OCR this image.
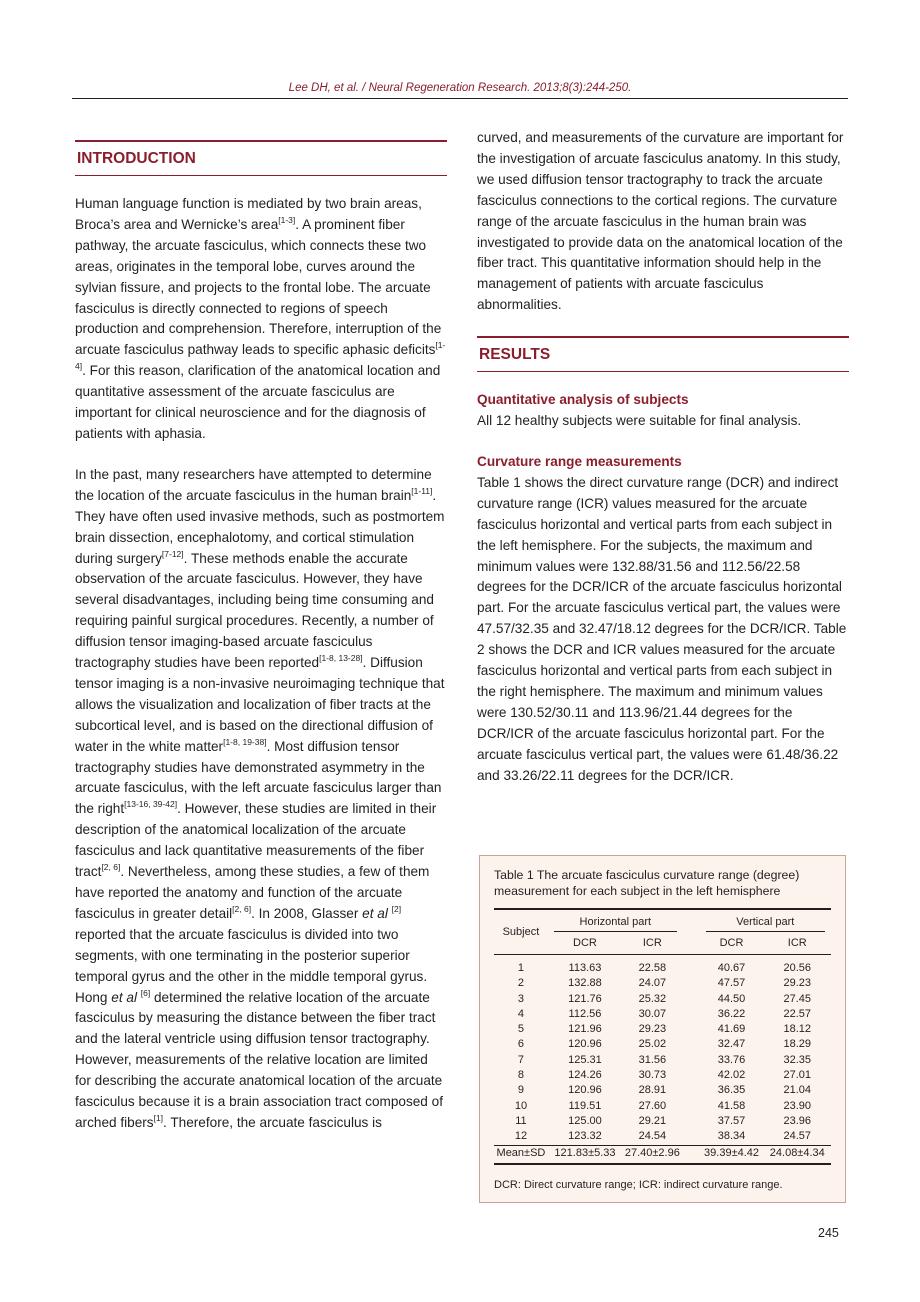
Lee DH, et al. / Neural Regeneration Research. 2013;8(3):244-250.
INTRODUCTION

Human language function is mediated by two brain areas, Broca’s area and Wernicke’s area[1-3]. A prominent fiber pathway, the arcuate fasciculus, which connects these two areas, originates in the temporal lobe, curves around the sylvian fissure, and projects to the frontal lobe. The arcuate fasciculus is directly connected to regions of speech production and comprehension. Therefore, interruption of the arcuate fasciculus pathway leads to specific aphasic deficits[1-4]. For this reason, clarification of the anatomical location and quantitative assessment of the arcuate fasciculus are important for clinical neuroscience and for the diagnosis of patients with aphasia.

In the past, many researchers have attempted to determine the location of the arcuate fasciculus in the human brain[1-11]. They have often used invasive methods, such as postmortem brain dissection, encephalotomy, and cortical stimulation during surgery[7-12]. These methods enable the accurate observation of the arcuate fasciculus. However, they have several disadvantages, including being time consuming and requiring painful surgical procedures. Recently, a number of diffusion tensor imaging-based arcuate fasciculus tractography studies have been reported[1-8, 13-28]. Diffusion tensor imaging is a non-invasive neuroimaging technique that allows the visualization and localization of fiber tracts at the subcortical level, and is based on the directional diffusion of water in the white matter[1-8, 19-38]. Most diffusion tensor tractography studies have demonstrated asymmetry in the arcuate fasciculus, with the left arcuate fasciculus larger than the right[13-16, 39-42]. However, these studies are limited in their description of the anatomical localization of the arcuate fasciculus and lack quantitative measurements of the fiber tract[2, 6]. Nevertheless, among these studies, a few of them have reported the anatomy and function of the arcuate fasciculus in greater detail[2, 6]. In 2008, Glasser et al [2] reported that the arcuate fasciculus is divided into two segments, with one terminating in the posterior superior temporal gyrus and the other in the middle temporal gyrus. Hong et al [6] determined the relative location of the arcuate fasciculus by measuring the distance between the fiber tract and the lateral ventricle using diffusion tensor tractography. However, measurements of the relative location are limited for describing the accurate anatomical location of the arcuate fasciculus because it is a brain association tract composed of arched fibers[1]. Therefore, the arcuate fasciculus is

curved, and measurements of the curvature are important for the investigation of arcuate fasciculus anatomy. In this study, we used diffusion tensor tractography to track the arcuate fasciculus connections to the cortical regions. The curvature range of the arcuate fasciculus in the human brain was investigated to provide data on the anatomical location of the fiber tract. This quantitative information should help in the management of patients with arcuate fasciculus abnormalities.

RESULTS

Quantitative analysis of subjects
All 12 healthy subjects were suitable for final analysis.

Curvature range measurements
Table 1 shows the direct curvature range (DCR) and indirect curvature range (ICR) values measured for the arcuate fasciculus horizontal and vertical parts from each subject in the left hemisphere. For the subjects, the maximum and minimum values were 132.88/31.56 and 112.56/22.58 degrees for the DCR/ICR of the arcuate fasciculus horizontal part. For the arcuate fasciculus vertical part, the values were 47.57/32.35 and 32.47/18.12 degrees for the DCR/ICR. Table 2 shows the DCR and ICR values measured for the arcuate fasciculus horizontal and vertical parts from each subject in the right hemisphere. The maximum and minimum values were 130.52/30.11 and 113.96/21.44 degrees for the DCR/ICR of the arcuate fasciculus horizontal part. For the arcuate fasciculus vertical part, the values were 61.48/36.22 and 33.26/22.11 degrees for the DCR/ICR.

Table 1 The arcuate fasciculus curvature range (degree) measurement for each subject in the left hemisphere
Subject	Horizontal part			Vertical part	

	DCR	ICR		DCR	ICR
1	113.63	22.58		40.67	20.56
2	132.88	24.07		47.57	29.23
3	121.76	25.32		44.50	27.45
4	112.56	30.07		36.22	22.57
5	121.96	29.23		41.69	18.12
6	120.96	25.02		32.47	18.29
7	125.31	31.56		33.76	32.35
8	124.26	30.73		42.02	27.01
9	120.96	28.91		36.35	21.04
10	119.51	27.60		41.58	23.90
11	125.00	29.21		37.57	23.96
12	123.32	24.54		38.34	24.57
Mean±SD	121.83±5.33	27.40±2.96		39.39±4.42	24.08±4.34
DCR: Direct curvature range; ICR: indirect curvature range.
245
